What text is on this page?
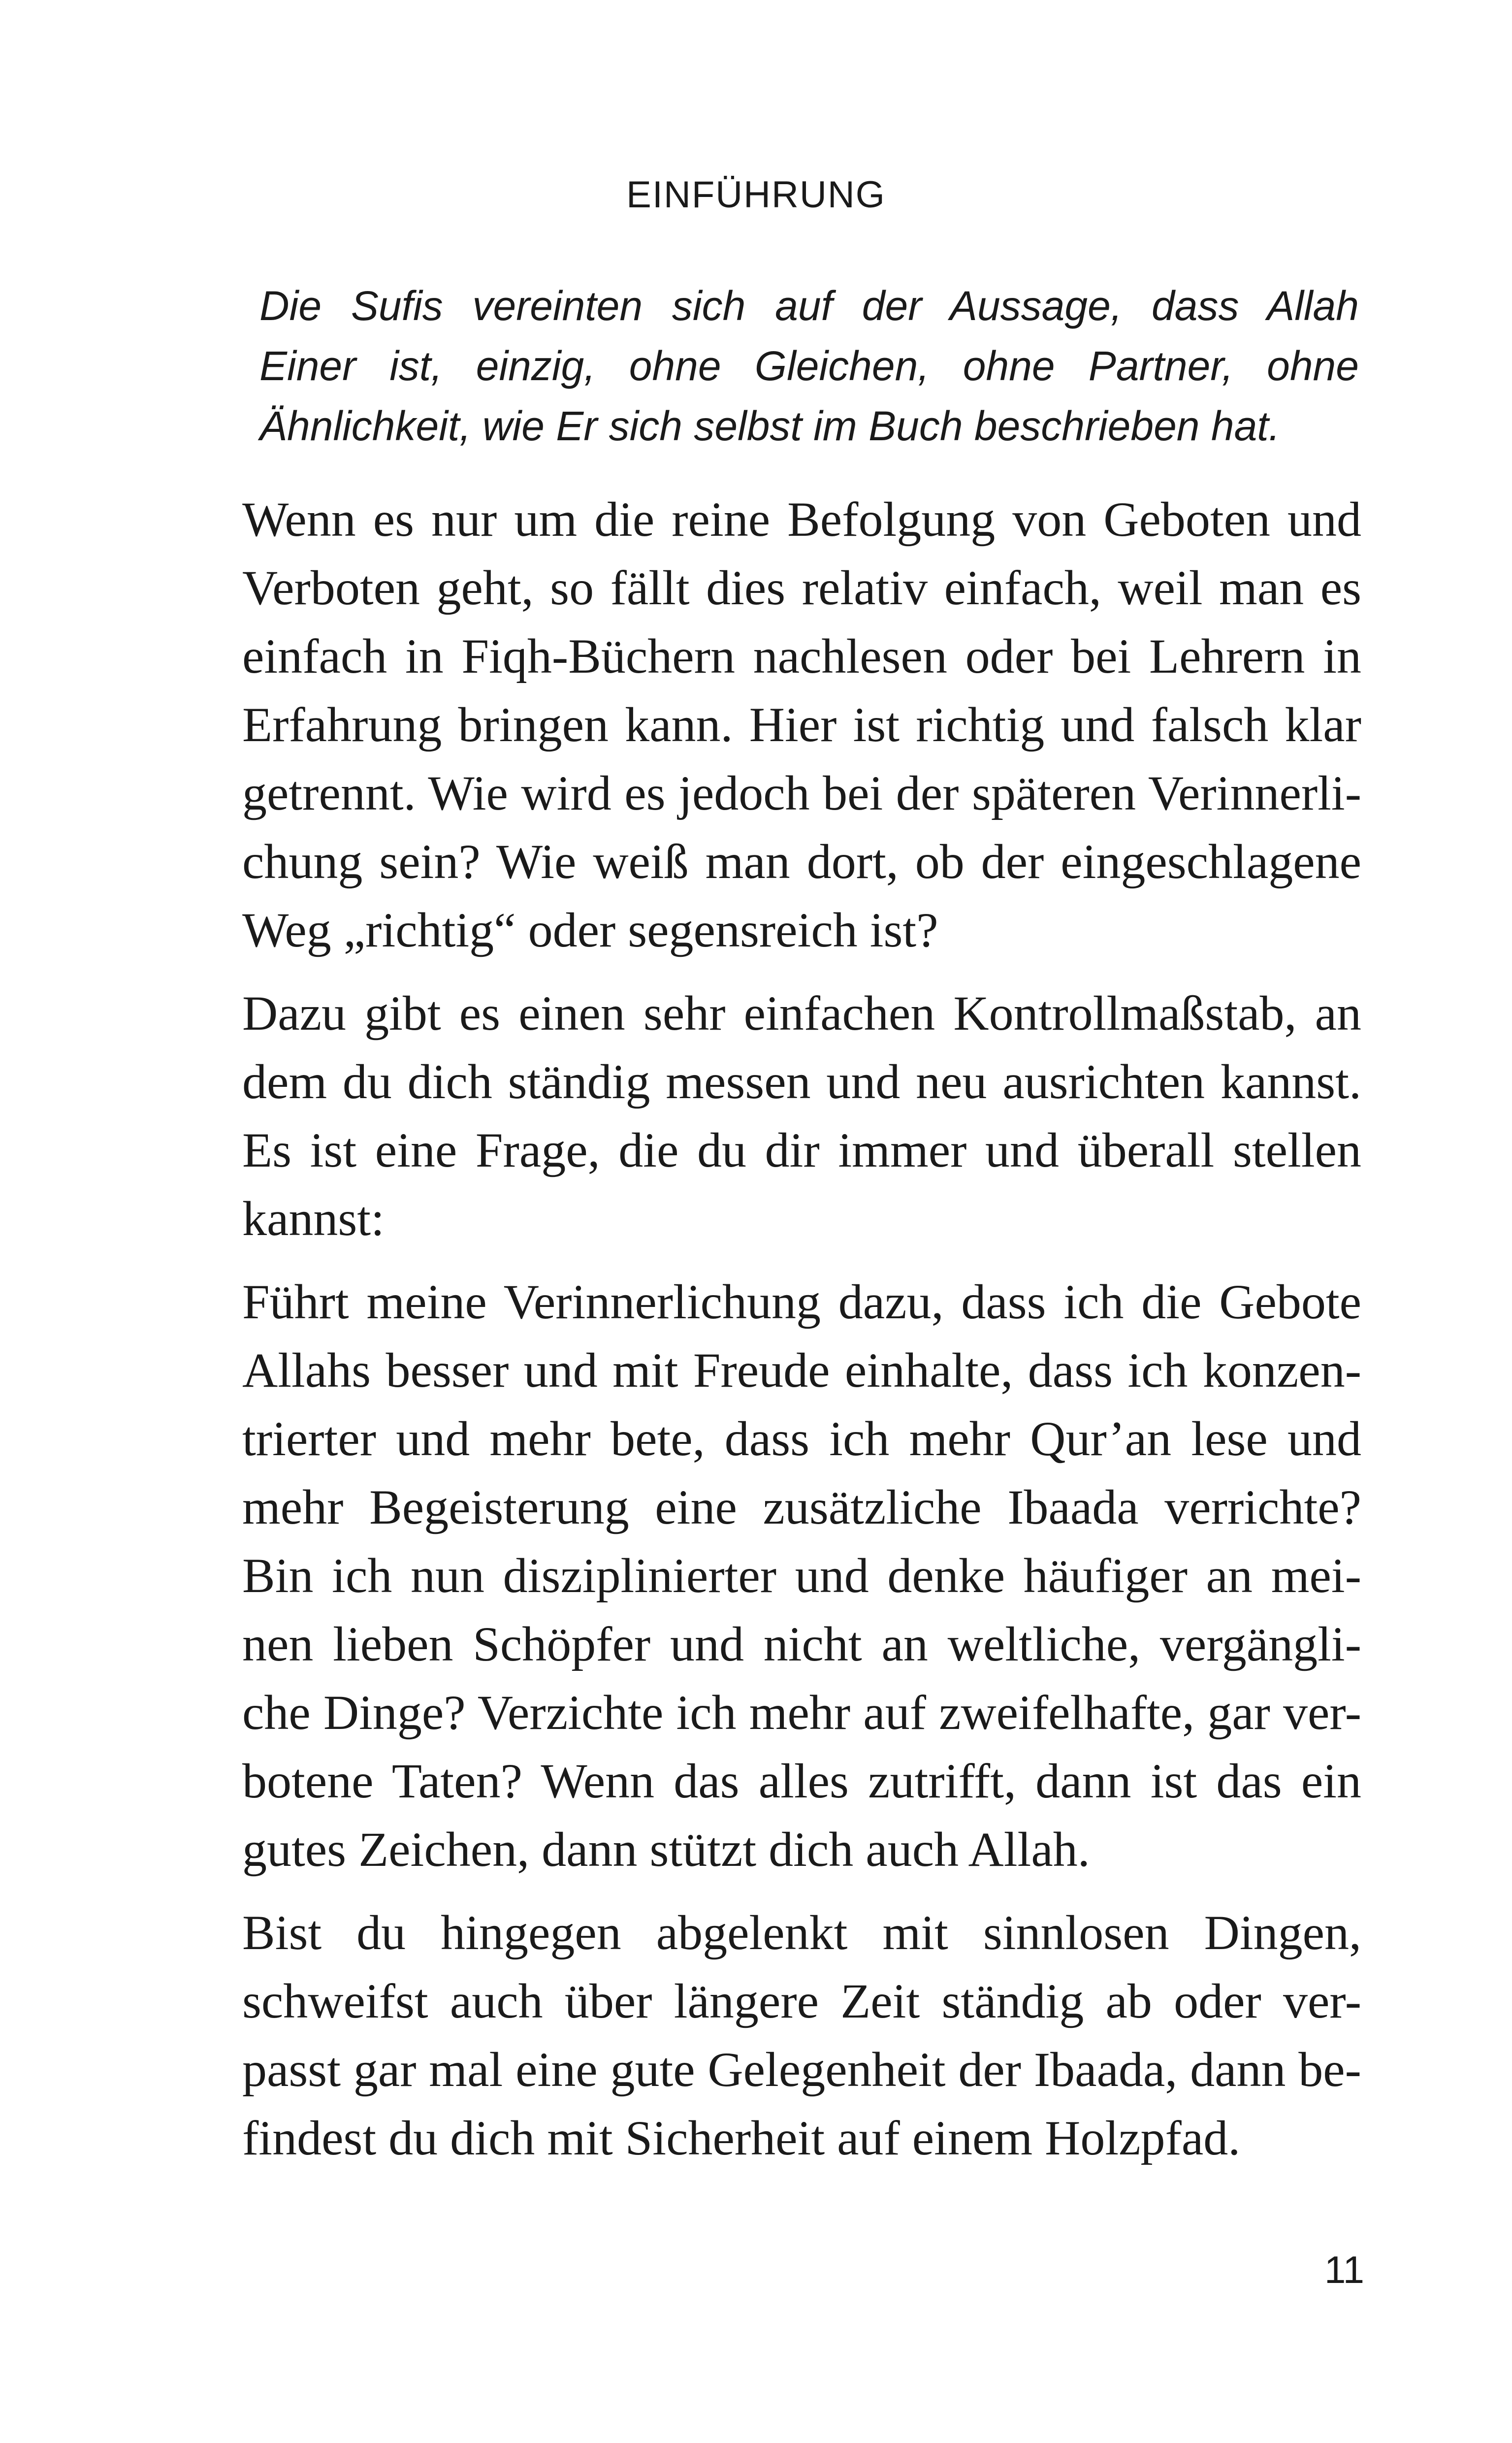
EINFÜHRUNG
Die Sufis vereinten sich auf der Aussage, dass Allah
Einer ist, einzig, ohne Gleichen, ohne Partner, ohne
Ähnlichkeit, wie Er sich selbst im Buch beschrieben hat.
Wenn es nur um die reine Befolgung von Geboten und
Verboten geht, so fällt dies relativ einfach, weil man es
einfach in Fiqh-Büchern nachlesen oder bei Lehrern in
Erfahrung bringen kann. Hier ist richtig und falsch klar
getrennt. Wie wird es jedoch bei der späteren Verinnerli-
chung sein? Wie weiß man dort, ob der eingeschlagene
Weg „richtig“ oder segensreich ist?
Dazu gibt es einen sehr einfachen Kontrollmaßstab, an
dem du dich ständig messen und neu ausrichten kannst.
Es ist eine Frage, die du dir immer und überall stellen
kannst:
Führt meine Verinnerlichung dazu, dass ich die Gebote
Allahs besser und mit Freude einhalte, dass ich konzen-
trierter und mehr bete, dass ich mehr Qur’an lese und
mehr Begeisterung eine zusätzliche Ibaada verrichte?
Bin ich nun disziplinierter und denke häufiger an mei-
nen lieben Schöpfer und nicht an weltliche, vergängli-
che Dinge? Verzichte ich mehr auf zweifelhafte, gar ver-
botene Taten? Wenn das alles zutrifft, dann ist das ein
gutes Zeichen, dann stützt dich auch Allah.
Bist du hingegen abgelenkt mit sinnlosen Dingen,
schweifst auch über längere Zeit ständig ab oder ver-
passt gar mal eine gute Gelegenheit der Ibaada, dann be-
findest du dich mit Sicherheit auf einem Holzpfad.
11
